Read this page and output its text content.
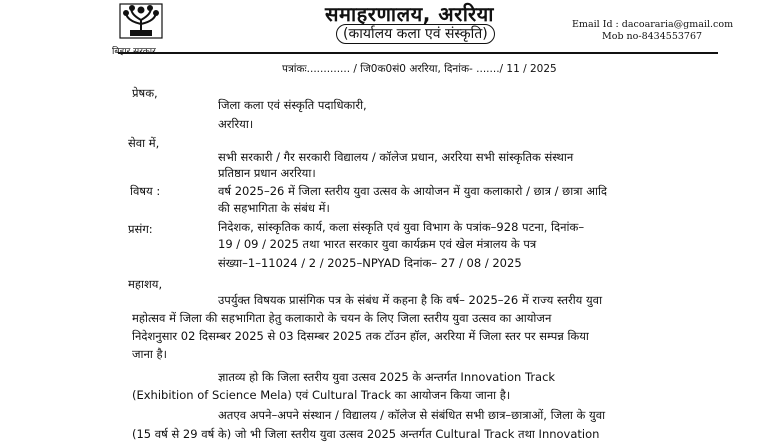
बिहार सरकार
समाहरणालय, अररिया
(कार्यालय कला एवं संस्कृति)
Email Id : dacoararia@gmail.com
Mob no-8434553767
पत्रांकः............. / जि0क0सं0 अररिया, दिनांक- ......./ 11 / 2025
प्रेषक,
जिला कला एवं संस्कृति पदाधिकारी,
अररिया।
सेवा में,
सभी सरकारी / गैर सरकारी विद्यालय / कॉलेज प्रधान, अररिया सभी सांस्कृतिक संस्थान
प्रतिष्ठान प्रधान अररिया।
विषय :	वर्ष 2025–26 में जिला स्तरीय युवा उत्सव के आयोजन में युवा कलाकारो / छात्र / छात्रा आदि
की सहभागिता के संबंध में।
प्रसंग:	निदेशक, सांस्कृतिक कार्य, कला संस्कृति एवं युवा विभाग के पत्रांक–928 पटना, दिनांक–
19 / 09 / 2025 तथा भारत सरकार युवा कार्यक्रम एवं खेल मंत्रालय के पत्र
संख्या–1–11024 / 2 / 2025–NPYAD दिनांक– 27 / 08 / 2025
महाशय,
उपर्युक्त विषयक प्रासंगिक पत्र के संबंध में कहना है कि वर्ष– 2025–26 में राज्य स्तरीय युवा
महोत्सव में जिला की सहभागिता हेतु कलाकारो के चयन के लिए जिला स्तरीय युवा उत्सव का आयोजन
निदेशनुसार 02 दिसम्बर 2025 से 03 दिसम्बर 2025 तक टॉउन हॉल, अररिया में जिला स्तर पर सम्पन्न किया
जाना है।
ज्ञातव्य हो कि जिला स्तरीय युवा उत्सव 2025 के अन्तर्गत Innovation Track
(Exhibition of Science Mela) एवं Cultural Track का आयोजन किया जाना है।
अतएव अपने–अपने संस्थान / विद्यालय / कॉलेज से संबंधित सभी छात्र–छात्राओं, जिला के युवा
(15 वर्ष से 29 वर्ष के) जो भी जिला स्तरीय युवा उत्सव 2025 अन्तर्गत Cultural Track तथा Innovation
